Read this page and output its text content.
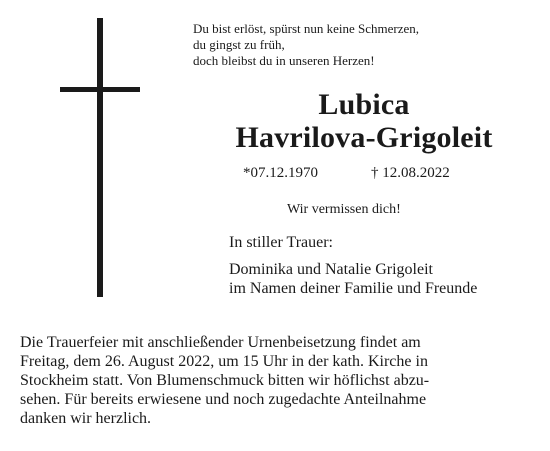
Du bist erlöst, spürst nun keine Schmerzen,
du gingst zu früh,
doch bleibst du in unseren Herzen!
Lubica
Havrilova-Grigoleit
*07.12.1970	† 12.08.2022
Wir vermissen dich!
In stiller Trauer:
Dominika und Natalie Grigoleit
im Namen deiner Familie und Freunde
Die Trauerfeier mit anschließender Urnenbeisetzung findet am
Freitag, dem 26. August 2022, um 15 Uhr in der kath. Kirche in
Stockheim statt. Von Blumenschmuck bitten wir höflichst abzu-
sehen. Für bereits erwiesene und noch zugedachte Anteilnahme
danken wir herzlich.
